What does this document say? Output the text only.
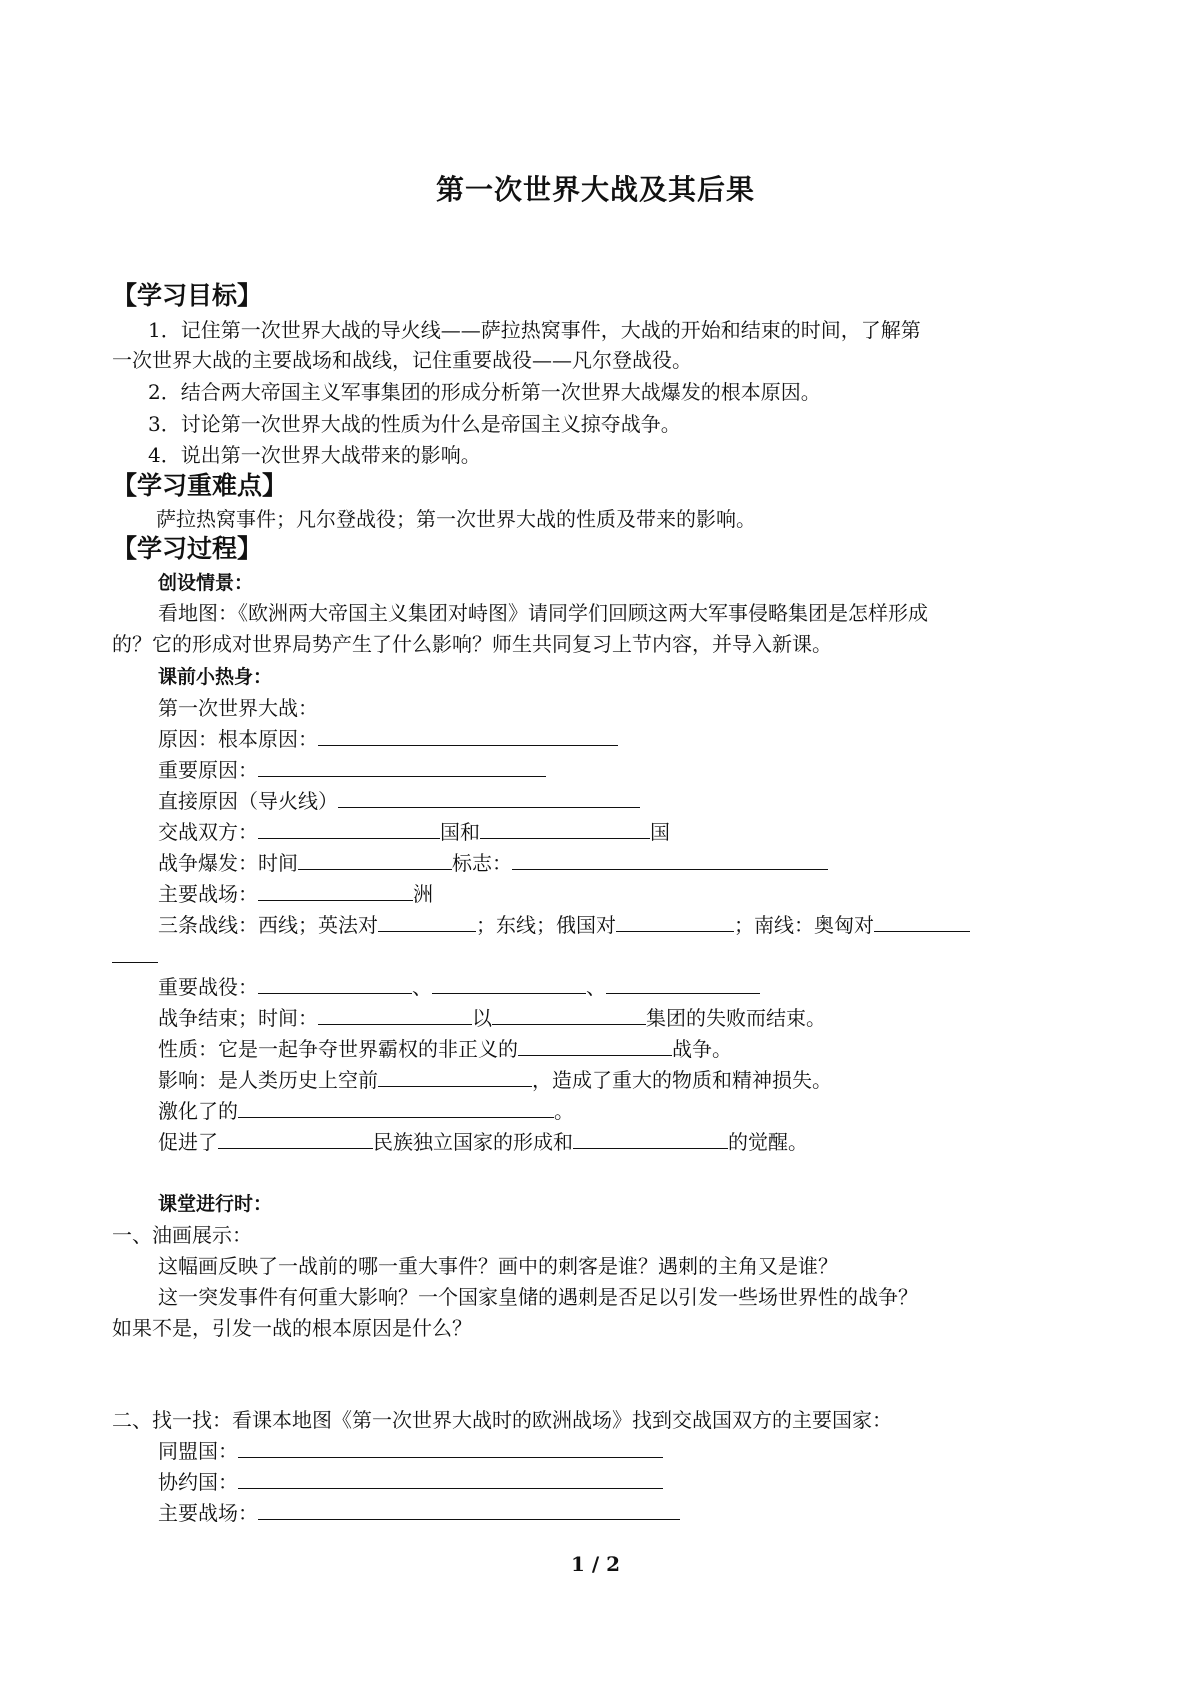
第一次世界大战及其后果
【学习目标】
1．记住第一次世界大战的导火线——萨拉热窝事件，大战的开始和结束的时间，了解第
一次世界大战的主要战场和战线，记住重要战役——凡尔登战役。
2．结合两大帝国主义军事集团的形成分析第一次世界大战爆发的根本原因。
3．讨论第一次世界大战的性质为什么是帝国主义掠夺战争。
4．说出第一次世界大战带来的影响。
【学习重难点】
萨拉热窝事件；凡尔登战役；第一次世界大战的性质及带来的影响。
【学习过程】
创设情景：
看地图：《欧洲两大帝国主义集团对峙图》请同学们回顾这两大军事侵略集团是怎样形成
的？它的形成对世界局势产生了什么影响？师生共同复习上节内容，并导入新课。
课前小热身：
第一次世界大战：
原因：根本原因：
重要原因：
直接原因（导火线）
交战双方：	国和	国
战争爆发：时间	标志：
主要战场：	洲
三条战线：西线；英法对	；东线；俄国对	；南线：奥匈对
重要战役：	、	、
战争结束；时间：	以	集团的失败而结束。
性质：它是一起争夺世界霸权的非正义的	战争。
影响：是人类历史上空前	，造成了重大的物质和精神损失。
激化了的	。
促进了	民族独立国家的形成和	的觉醒。
课堂进行时：
一、油画展示：
这幅画反映了一战前的哪一重大事件？画中的刺客是谁？遇刺的主角又是谁？
这一突发事件有何重大影响？一个国家皇储的遇刺是否足以引发一些场世界性的战争？
如果不是，引发一战的根本原因是什么？
二、找一找：看课本地图《第一次世界大战时的欧洲战场》找到交战国双方的主要国家：
同盟国：
协约国：
主要战场：
1 / 2
